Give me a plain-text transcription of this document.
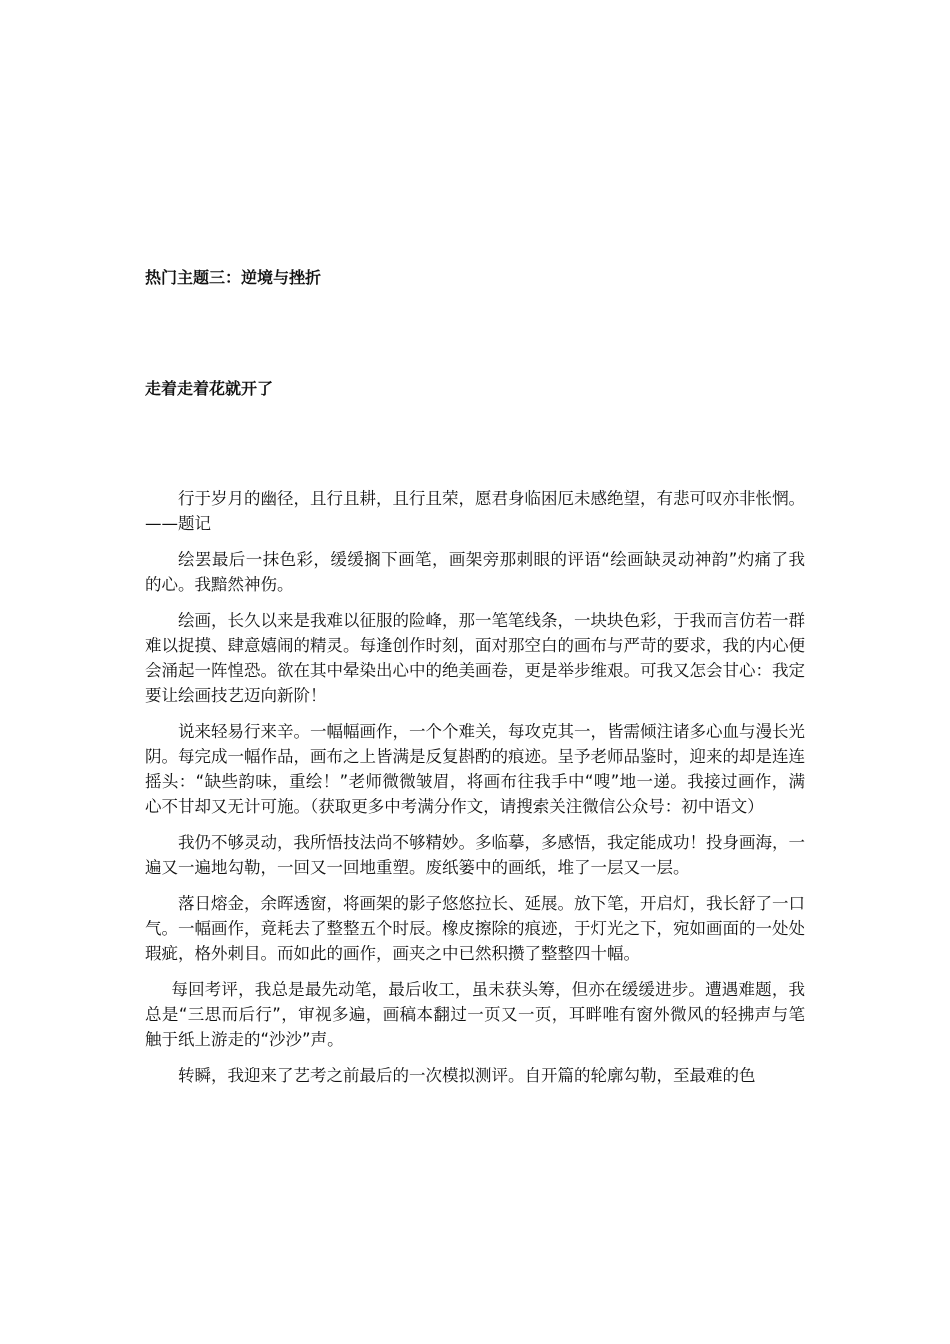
热门主题三：逆境与挫折
走着走着花就开了

行于岁月的幽径，且行且耕，且行且荣，愿君身临困厄未感绝望，有悲可叹亦非怅惘。——题记

绘罢最后一抹色彩，缓缓搁下画笔，画架旁那刺眼的评语“绘画缺灵动神韵”灼痛了我的心。我黯然神伤。

绘画，长久以来是我难以征服的险峰，那一笔笔线条，一块块色彩，于我而言仿若一群难以捉摸、肆意嬉闹的精灵。每逢创作时刻，面对那空白的画布与严苛的要求，我的内心便会涌起一阵惶恐。欲在其中晕染出心中的绝美画卷，更是举步维艰。可我又怎会甘心：我定要让绘画技艺迈向新阶！

说来轻易行来辛。一幅幅画作，一个个难关，每攻克其一，皆需倾注诸多心血与漫长光阴。每完成一幅作品，画布之上皆满是反复斟酌的痕迹。呈予老师品鉴时，迎来的却是连连摇头：“缺些韵味，重绘！”老师微微皱眉，将画布往我手中“嗖”地一递。我接过画作，满心不甘却又无计可施。（获取更多中考满分作文，请搜索关注微信公众号：初中语文）

我仍不够灵动，我所悟技法尚不够精妙。多临摹，多感悟，我定能成功！投身画海，一遍又一遍地勾勒，一回又一回地重塑。废纸篓中的画纸，堆了一层又一层。

落日熔金，余晖透窗，将画架的影子悠悠拉长、延展。放下笔，开启灯，我长舒了一口气。一幅画作，竟耗去了整整五个时辰。橡皮擦除的痕迹，于灯光之下，宛如画面的一处处瑕疵，格外刺目。而如此的画作，画夹之中已然积攒了整整四十幅。

每回考评，我总是最先动笔，最后收工，虽未获头筹，但亦在缓缓进步。遭遇难题，我总是“三思而后行”，审视多遍，画稿本翻过一页又一页，耳畔唯有窗外微风的轻拂声与笔触于纸上游走的“沙沙”声。

转瞬，我迎来了艺考之前最后的一次模拟测评。自开篇的轮廓勾勒，至最难的色
